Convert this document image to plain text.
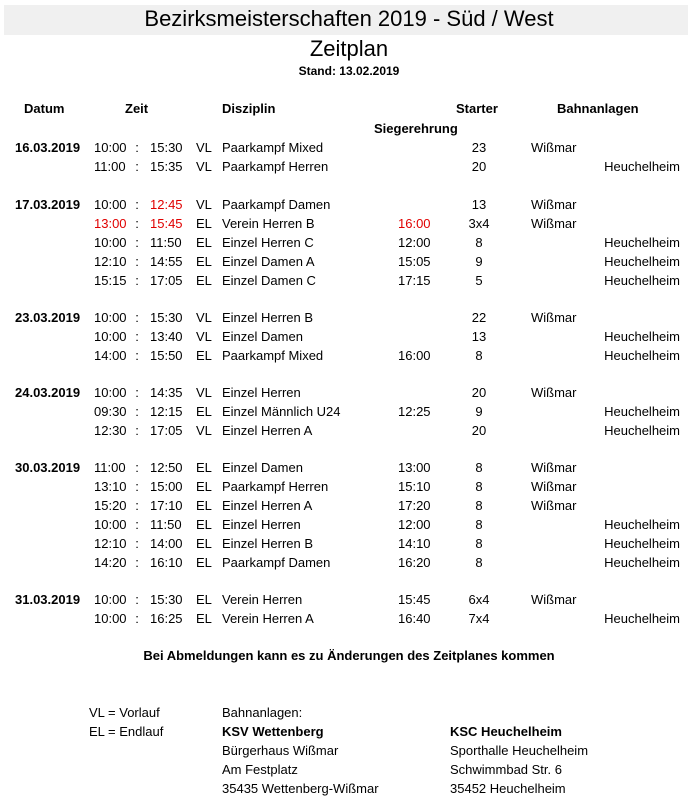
Bezirksmeisterschaften 2019 - Süd / West
Zeitplan
Stand: 13.02.2019
Datum	Zeit	Disziplin	Starter	Bahnanlagen
Siegerehrung
16.03.2019	10:00 : 15:30 VL Paarkampf Mixed	23	Wißmar
11:00 : 15:35 VL Paarkampf Herren	20	Heuchelheim
17.03.2019	10:00 : 12:45 VL Paarkampf Damen	13	Wißmar
13:00 : 15:45 EL Verein Herren B	16:00	3x4	Wißmar
10:00 : 11:50 EL Einzel Herren C	12:00	8	Heuchelheim
12:10 : 14:55 EL Einzel Damen A	15:05	9	Heuchelheim
15:15 : 17:05 EL Einzel Damen C	17:15	5	Heuchelheim
23.03.2019	10:00 : 15:30 VL Einzel Herren B	22	Wißmar
10:00 : 13:40 VL Einzel Damen	13	Heuchelheim
14:00 : 15:50 EL Paarkampf Mixed	16:00	8	Heuchelheim
24.03.2019	10:00 : 14:35 VL Einzel Herren	20	Wißmar
09:30 : 12:15 EL Einzel Männlich U24	12:25	9	Heuchelheim
12:30 : 17:05 VL Einzel Herren A	20	Heuchelheim
30.03.2019	11:00 : 12:50 EL Einzel Damen	13:00	8	Wißmar
13:10 : 15:00 EL Paarkampf Herren	15:10	8	Wißmar
15:20 : 17:10 EL Einzel Herren A	17:20	8	Wißmar
10:00 : 11:50 EL Einzel Herren	12:00	8	Heuchelheim
12:10 : 14:00 EL Einzel Herren B	14:10	8	Heuchelheim
14:20 : 16:10 EL Paarkampf Damen	16:20	8	Heuchelheim
31.03.2019	10:00 : 15:30 EL Verein Herren	15:45	6x4	Wißmar
10:00 : 16:25 EL Verein Herren A	16:40	7x4	Heuchelheim
Bei Abmeldungen kann es zu Änderungen des Zeitplanes kommen
VL = Vorlauf
EL = Endlauf
Bahnanlagen:
KSV Wettenberg
Bürgerhaus Wißmar
Am Festplatz
35435 Wettenberg-Wißmar
KSC Heuchelheim
Sporthalle Heuchelheim
Schwimmbad Str. 6
35452 Heuchelheim
